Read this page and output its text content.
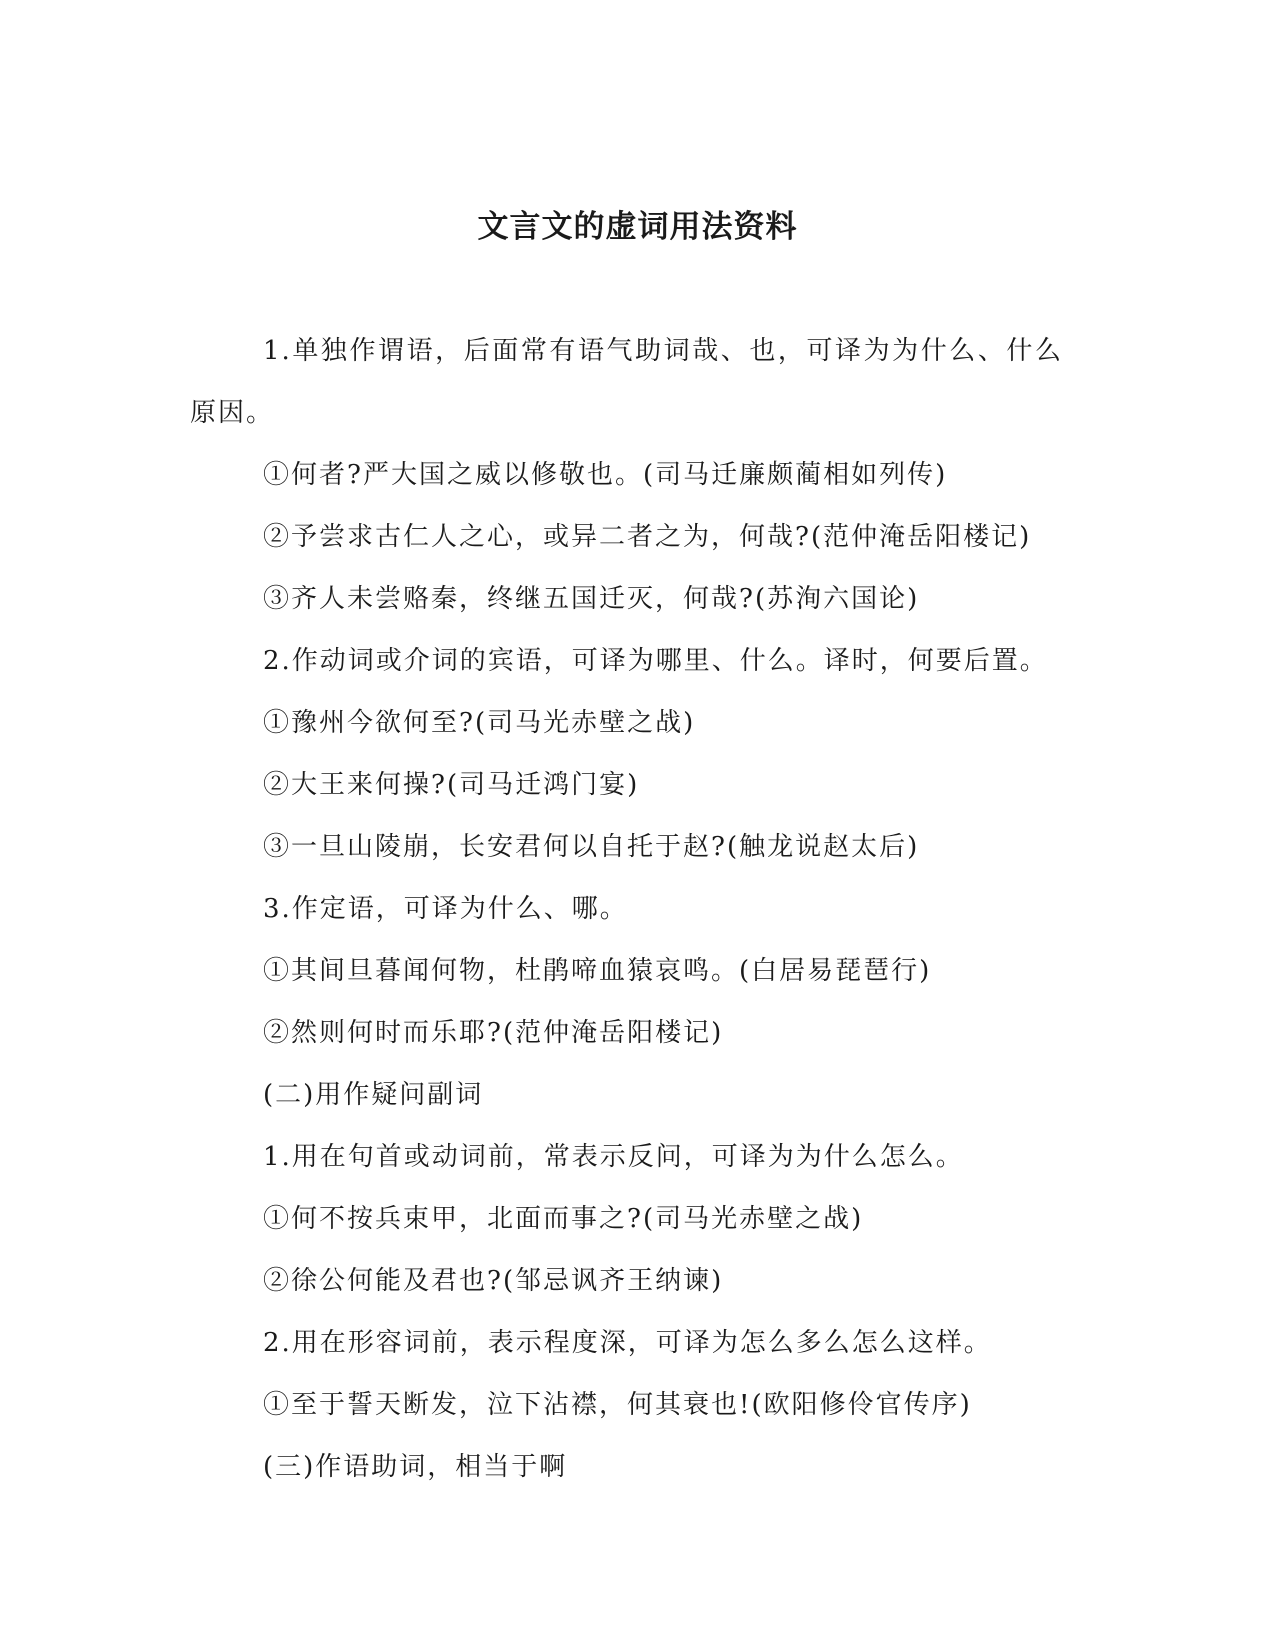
文言文的虚词用法资料
1.单独作谓语，后面常有语气助词哉、也，可译为为什么、什么
原因。
①何者?严大国之威以修敬也。(司马迁廉颇蔺相如列传)
②予尝求古仁人之心，或异二者之为，何哉?(范仲淹岳阳楼记)
③齐人未尝赂秦，终继五国迁灭，何哉?(苏洵六国论)
2.作动词或介词的宾语，可译为哪里、什么。译时，何要后置。
①豫州今欲何至?(司马光赤壁之战)
②大王来何操?(司马迁鸿门宴)
③一旦山陵崩，长安君何以自托于赵?(触龙说赵太后)
3.作定语，可译为什么、哪。
①其间旦暮闻何物，杜鹃啼血猿哀鸣。(白居易琵琶行)
②然则何时而乐耶?(范仲淹岳阳楼记)
(二)用作疑问副词
1.用在句首或动词前，常表示反问，可译为为什么怎么。
①何不按兵束甲，北面而事之?(司马光赤壁之战)
②徐公何能及君也?(邹忌讽齐王纳谏)
2.用在形容词前，表示程度深，可译为怎么多么怎么这样。
①至于誓天断发，泣下沾襟，何其衰也!(欧阳修伶官传序)
(三)作语助词，相当于啊
